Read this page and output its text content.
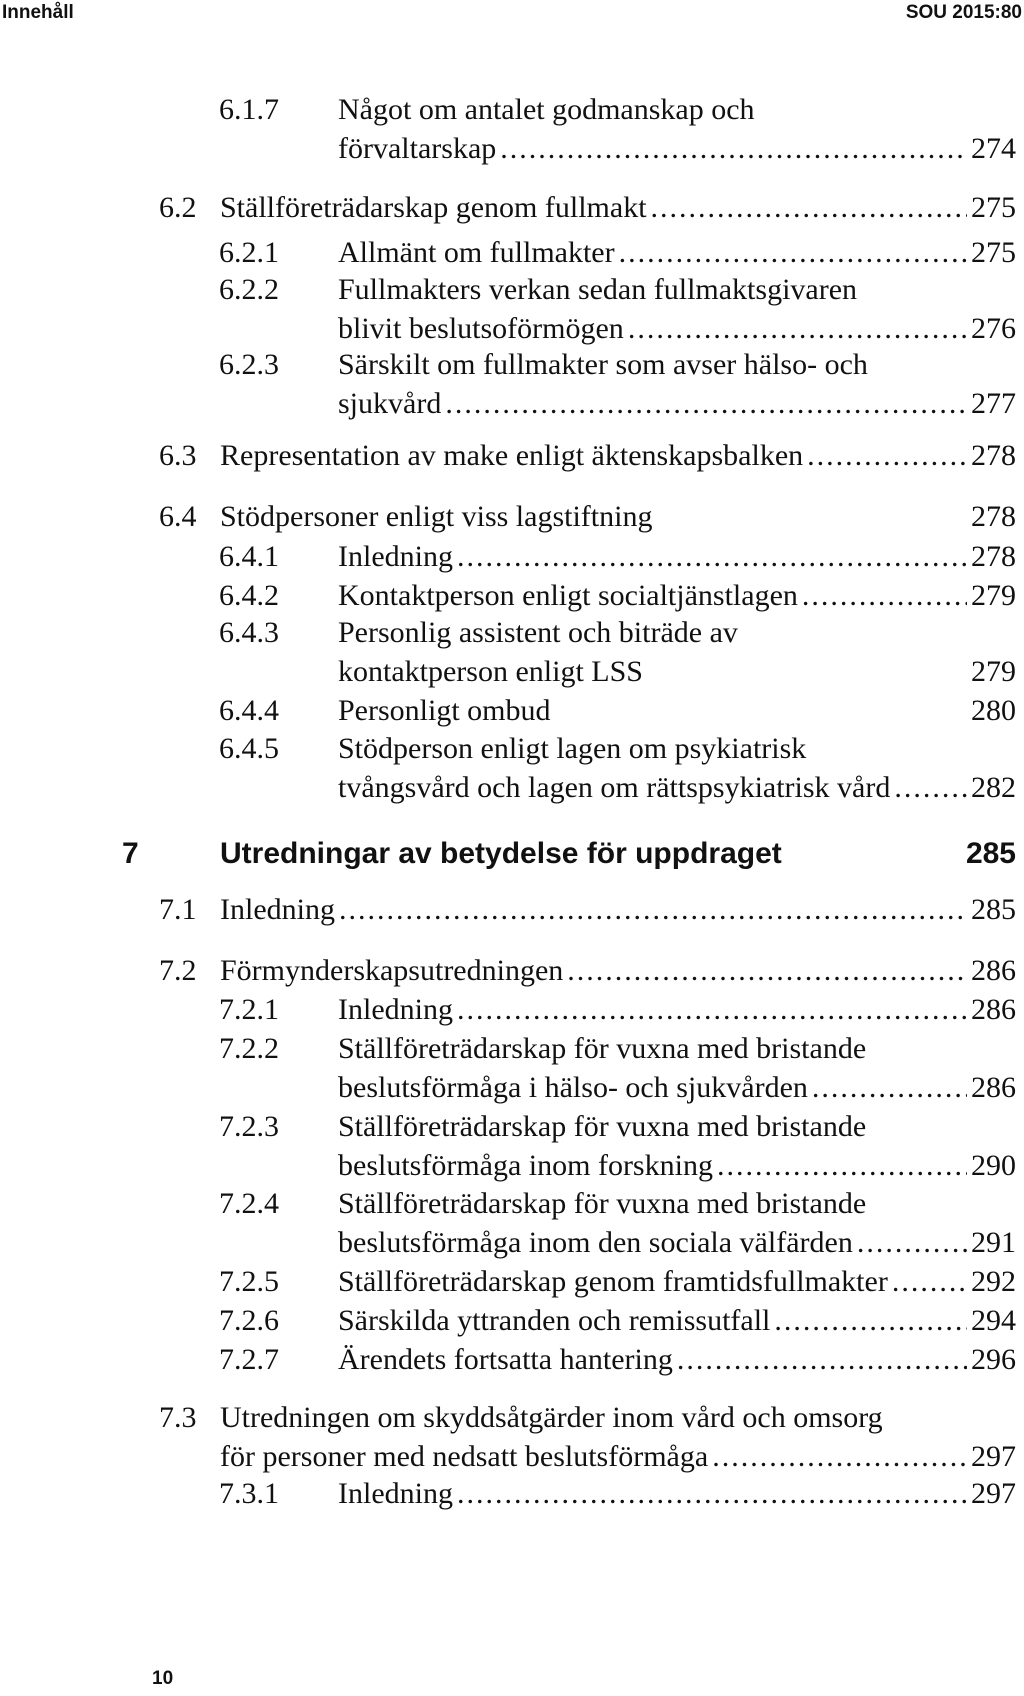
Innehåll	SOU 2015:80
6.1.7 Något om antalet godmanskap och
förvaltarskap .....	274
6.2 Ställföreträdarskap genom fullmakt .....	275
6.2.1 Allmänt om fullmakter .....	275
6.2.2 Fullmakters verkan sedan fullmaktsgivaren
blivit beslutsoförmögen .....	276
6.2.3 Särskilt om fullmakter som avser hälso- och
sjukvård .....	277
6.3 Representation av make enligt äktenskapsbalken .....	278
6.4 Stödpersoner enligt viss lagstiftning	278
6.4.1 Inledning .....	278
6.4.2 Kontaktperson enligt socialtjänstlagen .....	279
6.4.3 Personlig assistent och biträde av
kontaktperson enligt LSS	279
6.4.4 Personligt ombud	280
6.4.5 Stödperson enligt lagen om psykiatrisk
tvångsvård och lagen om rättspsykiatrisk vård .....	282
7	Utredningar av betydelse för uppdraget	285
7.1 Inledning .....	285
7.2 Förmynderskapsutredningen .....	286
7.2.1 Inledning .....	286
7.2.2 Ställföreträdarskap för vuxna med bristande
beslutsförmåga i hälso- och sjukvården .....	286
7.2.3 Ställföreträdarskap för vuxna med bristande
beslutsförmåga inom forskning .....	290
7.2.4 Ställföreträdarskap för vuxna med bristande
beslutsförmåga inom den sociala välfärden .....	291
7.2.5 Ställföreträdarskap genom framtidsfullmakter .....	292
7.2.6 Särskilda yttranden och remissutfall .....	294
7.2.7 Ärendets fortsatta hantering .....	296
7.3 Utredningen om skyddsåtgärder inom vård och omsorg
för personer med nedsatt beslutsförmåga .....	297
7.3.1 Inledning .....	297
10
